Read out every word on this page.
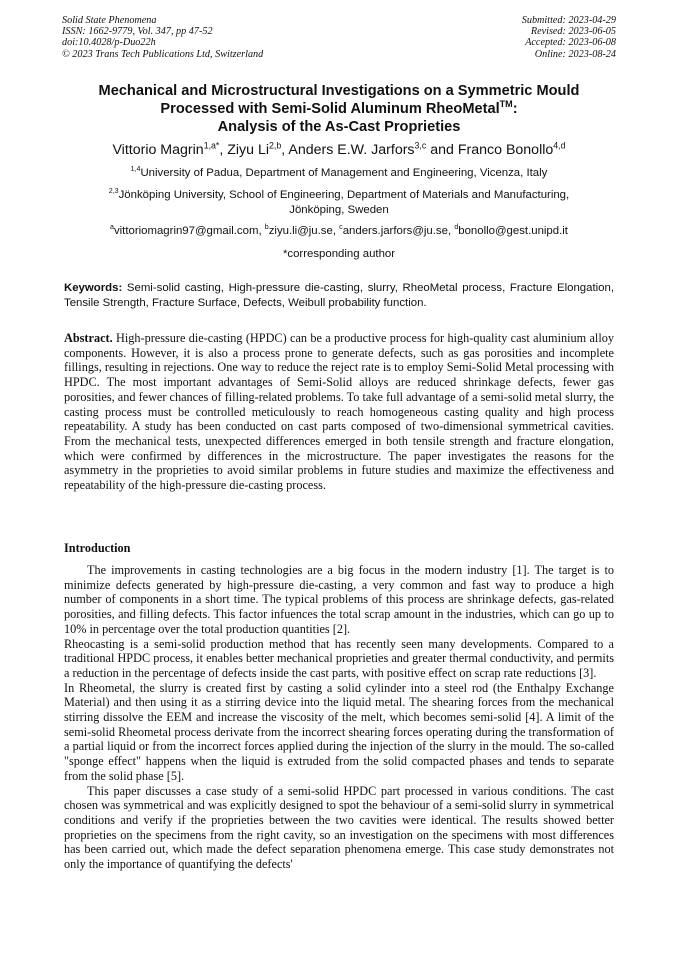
Solid State Phenomena
ISSN: 1662-9779, Vol. 347, pp 47-52
doi:10.4028/p-Duo22h
© 2023 Trans Tech Publications Ltd, Switzerland
Submitted: 2023-04-29
Revised: 2023-06-05
Accepted: 2023-06-08
Online: 2023-08-24
Mechanical and Microstructural Investigations on a Symmetric Mould
Processed with Semi-Solid Aluminum RheoMetal™:
Analysis of the As-Cast Proprieties
Vittorio Magrin$^{1,a*}$, Ziyu Li$^{2,b}$, Anders E.W. Jarfors$^{3,c}$ and Franco Bonollo$^{4,d}$
$^{1,4}$University of Padua, Department of Management and Engineering, Vicenza, Italy
$^{2,3}$Jönköping University, School of Engineering, Department of Materials and Manufacturing,
Jönköping, Sweden
$^a$vittoriomagrin97@gmail.com, $^b$ziyu.li@ju.se, $^c$anders.jarfors@ju.se, $^d$bonollo@gest.unipd.it
*corresponding author
Keywords: Semi-solid casting, High-pressure die-casting, slurry, RheoMetal process, Fracture Elongation, Tensile Strength, Fracture Surface, Defects, Weibull probability function.
Abstract. High-pressure die-casting (HPDC) can be a productive process for high-quality cast aluminium alloy components. However, it is also a process prone to generate defects, such as gas porosities and incomplete fillings, resulting in rejections. One way to reduce the reject rate is to employ Semi-Solid Metal processing with HPDC. The most important advantages of Semi-Solid alloys are reduced shrinkage defects, fewer gas porosities, and fewer chances of filling-related problems. To take full advantage of a semi-solid metal slurry, the casting process must be controlled meticulously to reach homogeneous casting quality and high process repeatability. A study has been conducted on cast parts composed of two-dimensional symmetrical cavities. From the mechanical tests, unexpected differences emerged in both tensile strength and fracture elongation, which were confirmed by differences in the microstructure. The paper investigates the reasons for the asymmetry in the proprieties to avoid similar problems in future studies and maximize the effectiveness and repeatability of the high-pressure die-casting process.
Introduction

The improvements in casting technologies are a big focus in the modern industry [1]. The target is to minimize defects generated by high-pressure die-casting, a very common and fast way to produce a high number of components in a short time. The typical problems of this process are shrinkage defects, gas-related porosities, and filling defects. This factor infuences the total scrap amount in the industries, which can go up to 10% in percentage over the total production quantities [2].

Rheocasting is a semi-solid production method that has recently seen many developments. Compared to a traditional HPDC process, it enables better mechanical proprieties and greater thermal conductivity, and permits a reduction in the percentage of defects inside the cast parts, with positive effect on scrap rate reductions [3].

In Rheometal, the slurry is created first by casting a solid cylinder into a steel rod (the Enthalpy Exchange Material) and then using it as a stirring device into the liquid metal. The shearing forces from the mechanical stirring dissolve the EEM and increase the viscosity of the melt, which becomes semi-solid [4]. A limit of the semi-solid Rheometal process derivate from the incorrect shearing forces operating during the transformation of a partial liquid or from the incorrect forces applied during the injection of the slurry in the mould. The so-called "sponge effect" happens when the liquid is extruded from the solid compacted phases and tends to separate from the solid phase [5].

This paper discusses a case study of a semi-solid HPDC part processed in various conditions. The cast chosen was symmetrical and was explicitly designed to spot the behaviour of a semi-solid slurry in symmetrical conditions and verify if the proprieties between the two cavities were identical. The results showed better proprieties on the specimens from the right cavity, so an investigation on the specimens with most differences has been carried out, which made the defect separation phenomena emerge. This case study demonstrates not only the importance of quantifying the defects'
